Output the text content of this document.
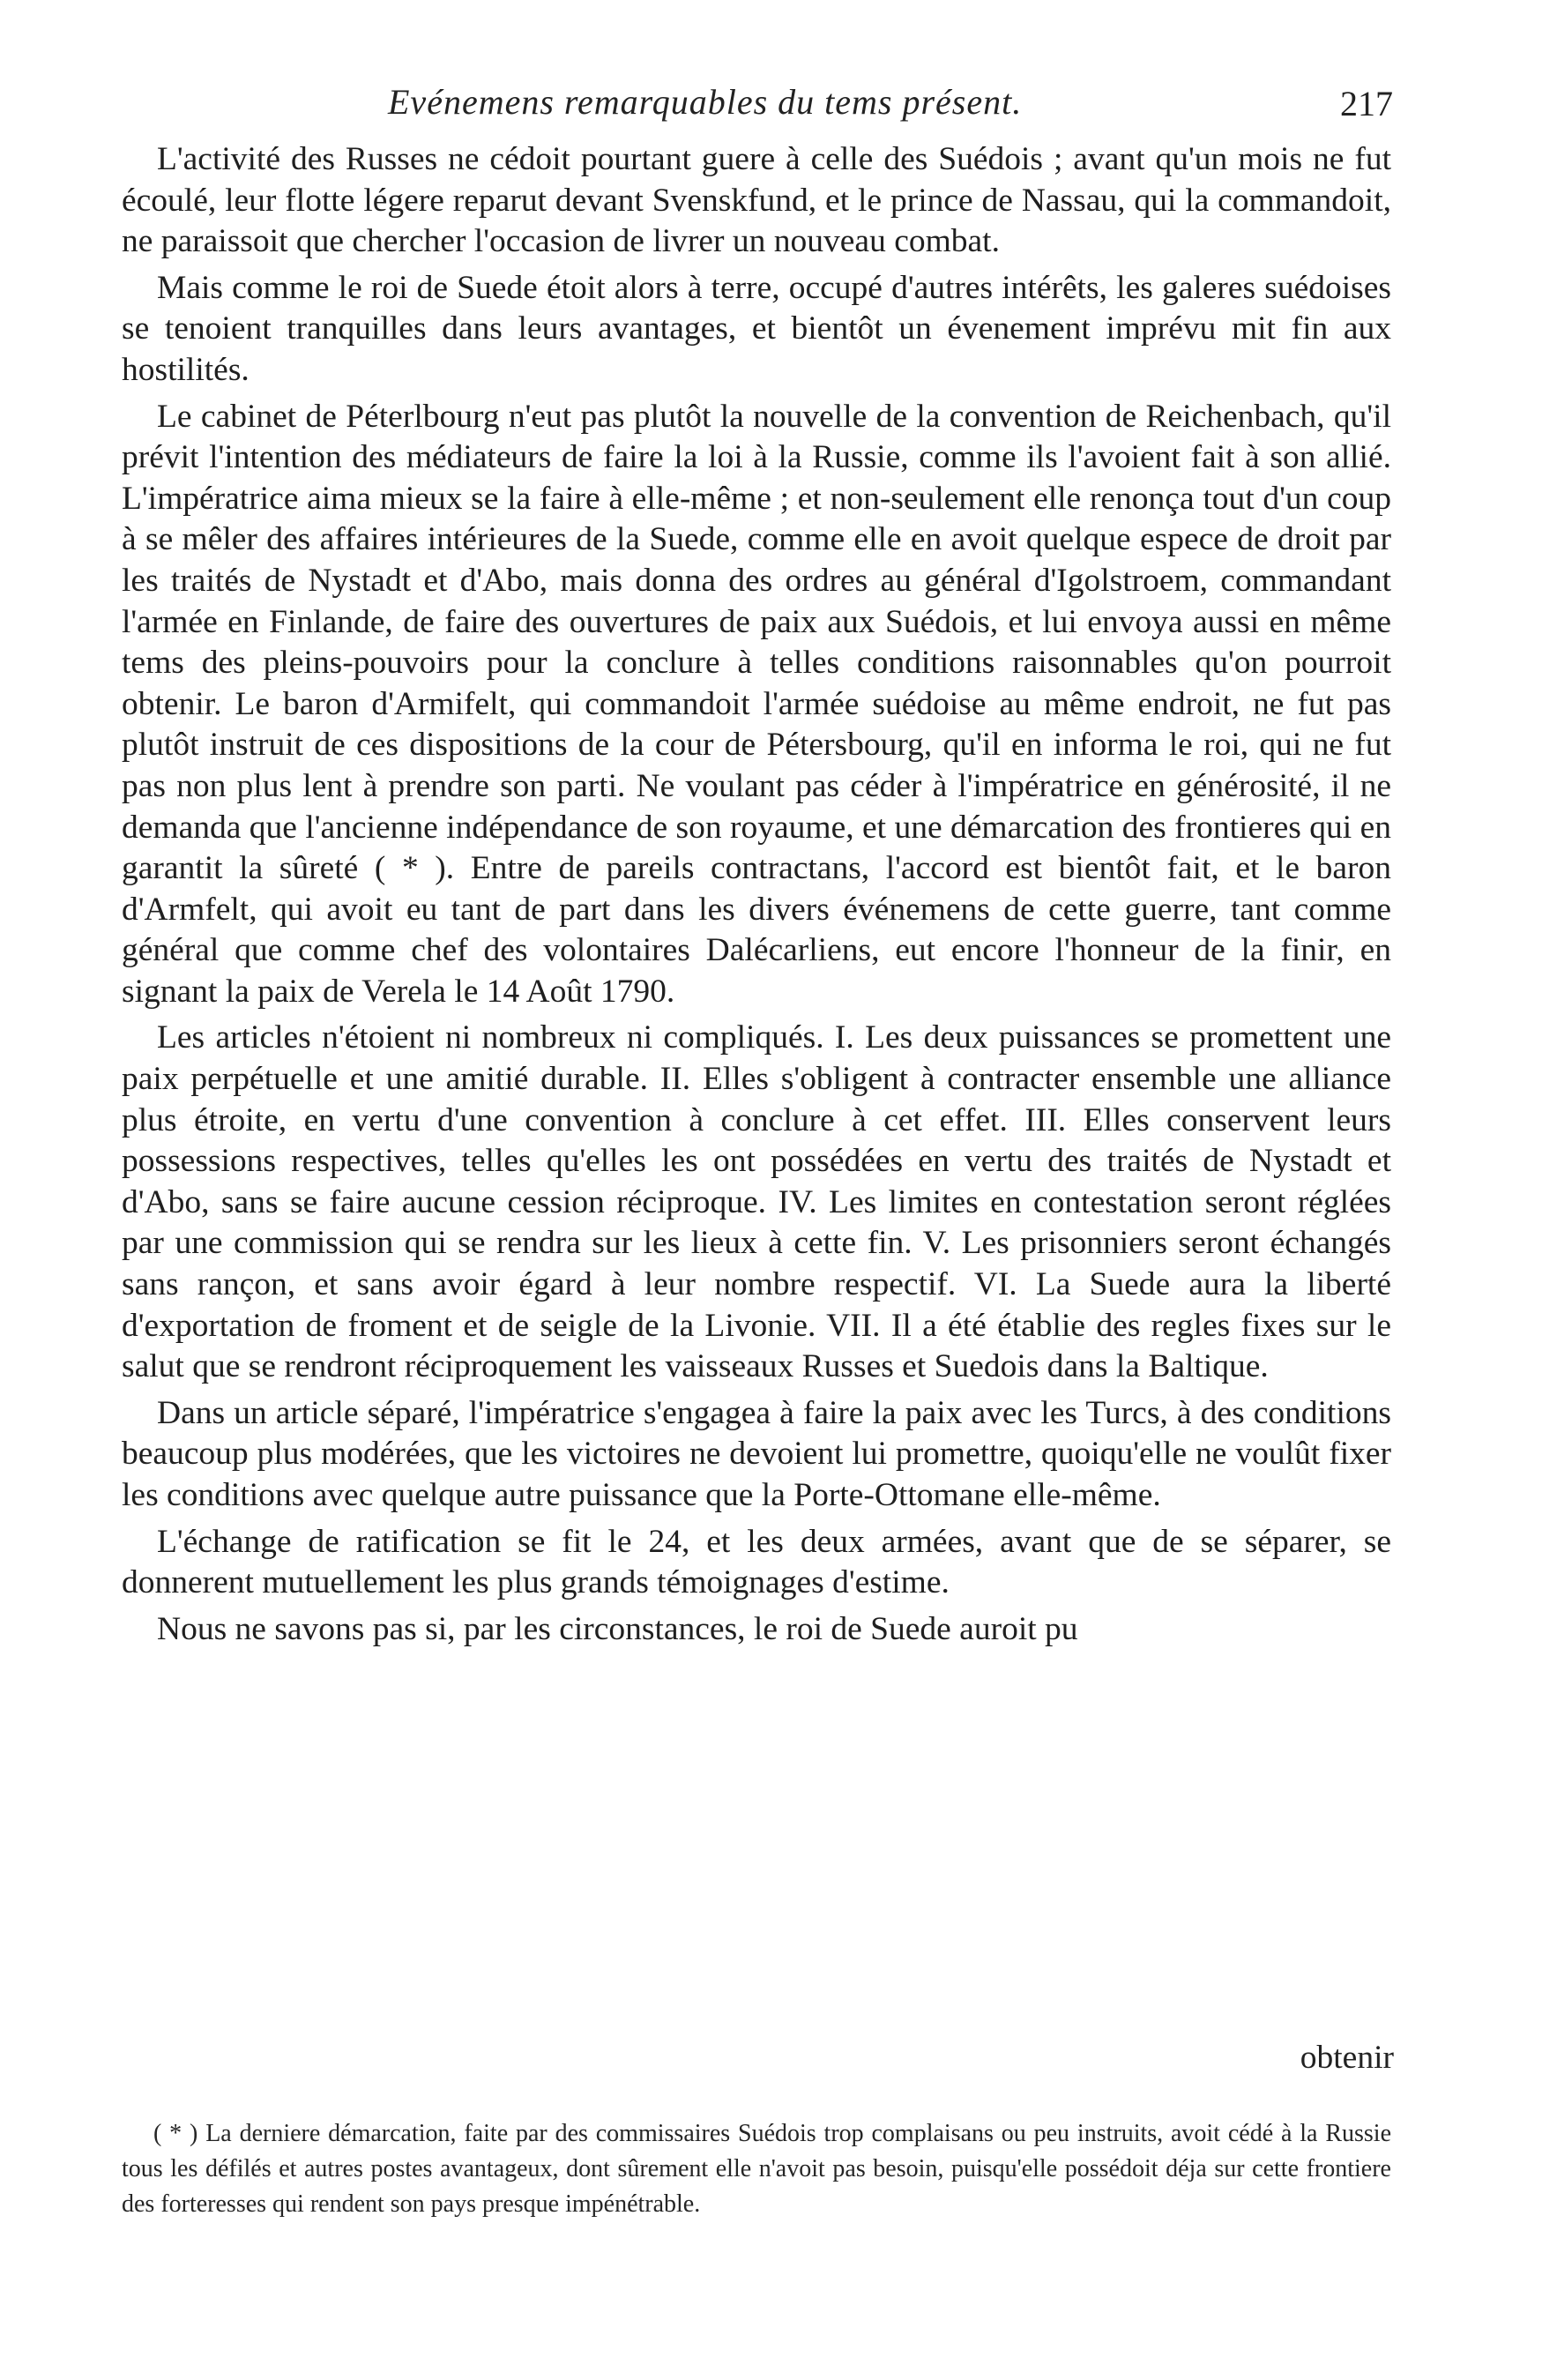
Evénemens remarquables du tems présent.	217

L'activité des Russes ne cédoit pourtant guere à celle des Suédois ; avant qu'un mois ne fut écoulé, leur flotte légere reparut devant Svenskfund, et le prince de Nassau, qui la commandoit, ne paraissoit que chercher l'occasion de livrer un nouveau combat.

Mais comme le roi de Suede étoit alors à terre, occupé d'autres intérêts, les galeres suédoises se tenoient tranquilles dans leurs avantages, et bientôt un évenement imprévu mit fin aux hostilités.

Le cabinet de Péterlbourg n'eut pas plutôt la nouvelle de la convention de Reichenbach, qu'il prévit l'intention des médiateurs de faire la loi à la Russie, comme ils l'avoient fait à son allié. L'impératrice aima mieux se la faire à elle-même ; et non-seulement elle renonça tout d'un coup à se mêler des affaires intérieures de la Suede, comme elle en avoit quelque espece de droit par les traités de Nystadt et d'Abo, mais donna des ordres au général d'Igolstroem, commandant l'armée en Finlande, de faire des ouvertures de paix aux Suédois, et lui envoya aussi en même tems des pleins-pouvoirs pour la conclure à telles conditions raisonnables qu'on pourroit obtenir. Le baron d'Armifelt, qui commandoit l'armée suédoise au même endroit, ne fut pas plutôt instruit de ces dispositions de la cour de Pétersbourg, qu'il en informa le roi, qui ne fut pas non plus lent à prendre son parti. Ne voulant pas céder à l'impératrice en générosité, il ne demanda que l'ancienne indépendance de son royaume, et une démarcation des frontieres qui en garantit la sûreté ( * ). Entre de pareils contractans, l'accord est bientôt fait, et le baron d'Armfelt, qui avoit eu tant de part dans les divers événemens de cette guerre, tant comme général que comme chef des volontaires Dalécarliens, eut encore l'honneur de la finir, en signant la paix de Verela le 14 Août 1790.

Les articles n'étoient ni nombreux ni compliqués. I. Les deux puissances se promettent une paix perpétuelle et une amitié durable. II. Elles s'obligent à contracter ensemble une alliance plus étroite, en vertu d'une convention à conclure à cet effet. III. Elles conservent leurs possessions respectives, telles qu'elles les ont possédées en vertu des traités de Nystadt et d'Abo, sans se faire aucune cession réciproque. IV. Les limites en contestation seront réglées par une commission qui se rendra sur les lieux à cette fin. V. Les prisonniers seront échangés sans rançon, et sans avoir égard à leur nombre respectif. VI. La Suede aura la liberté d'exportation de froment et de seigle de la Livonie. VII. Il a été établie des regles fixes sur le salut que se rendront réciproquement les vaisseaux Russes et Suedois dans la Baltique.

Dans un article séparé, l'impératrice s'engagea à faire la paix avec les Turcs, à des conditions beaucoup plus modérées, que les victoires ne devoient lui promettre, quoiqu'elle ne voulût fixer les conditions avec quelque autre puissance que la Porte-Ottomane elle-même.

L'échange de ratification se fit le 24, et les deux armées, avant que de se séparer, se donnerent mutuellement les plus grands témoignages d'estime.

Nous ne savons pas si, par les circonstances, le roi de Suede auroit pu

obtenir
( * ) La derniere démarcation, faite par des commissaires Suédois trop complaisans ou peu instruits, avoit cédé à la Russie tous les défilés et autres postes avantageux, dont sûrement elle n'avoit pas besoin, puisqu'elle possédoit déja sur cette frontiere des forteresses qui rendent son pays presque impénétrable.
